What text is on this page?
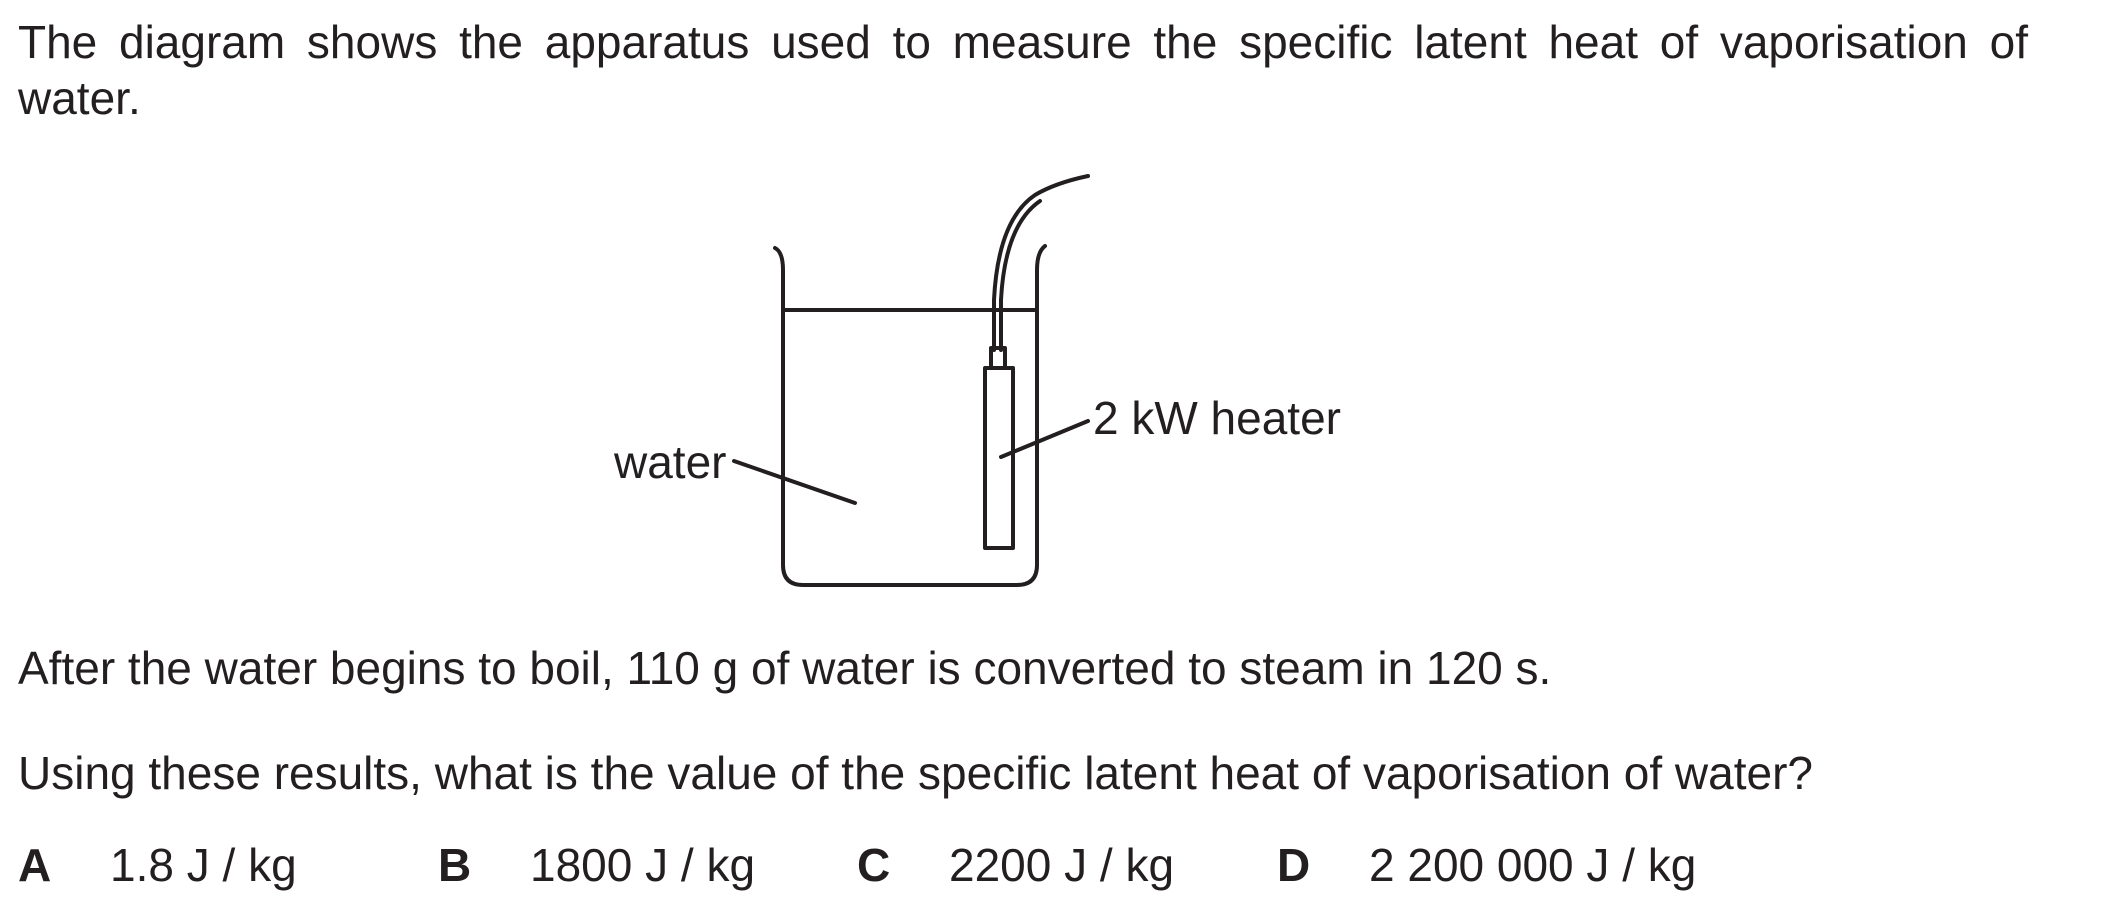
The diagram shows the apparatus used to measure the specific latent heat of vaporisation of
water.
water
2 kW heater
After the water begins to boil, 110 g of water is converted to steam in 120 s.
Using these results, what is the value of the specific latent heat of vaporisation of water?
A 1.8 J / kg	B 1800 J / kg C 2200 J / kg D 2 200 000 J / kg
